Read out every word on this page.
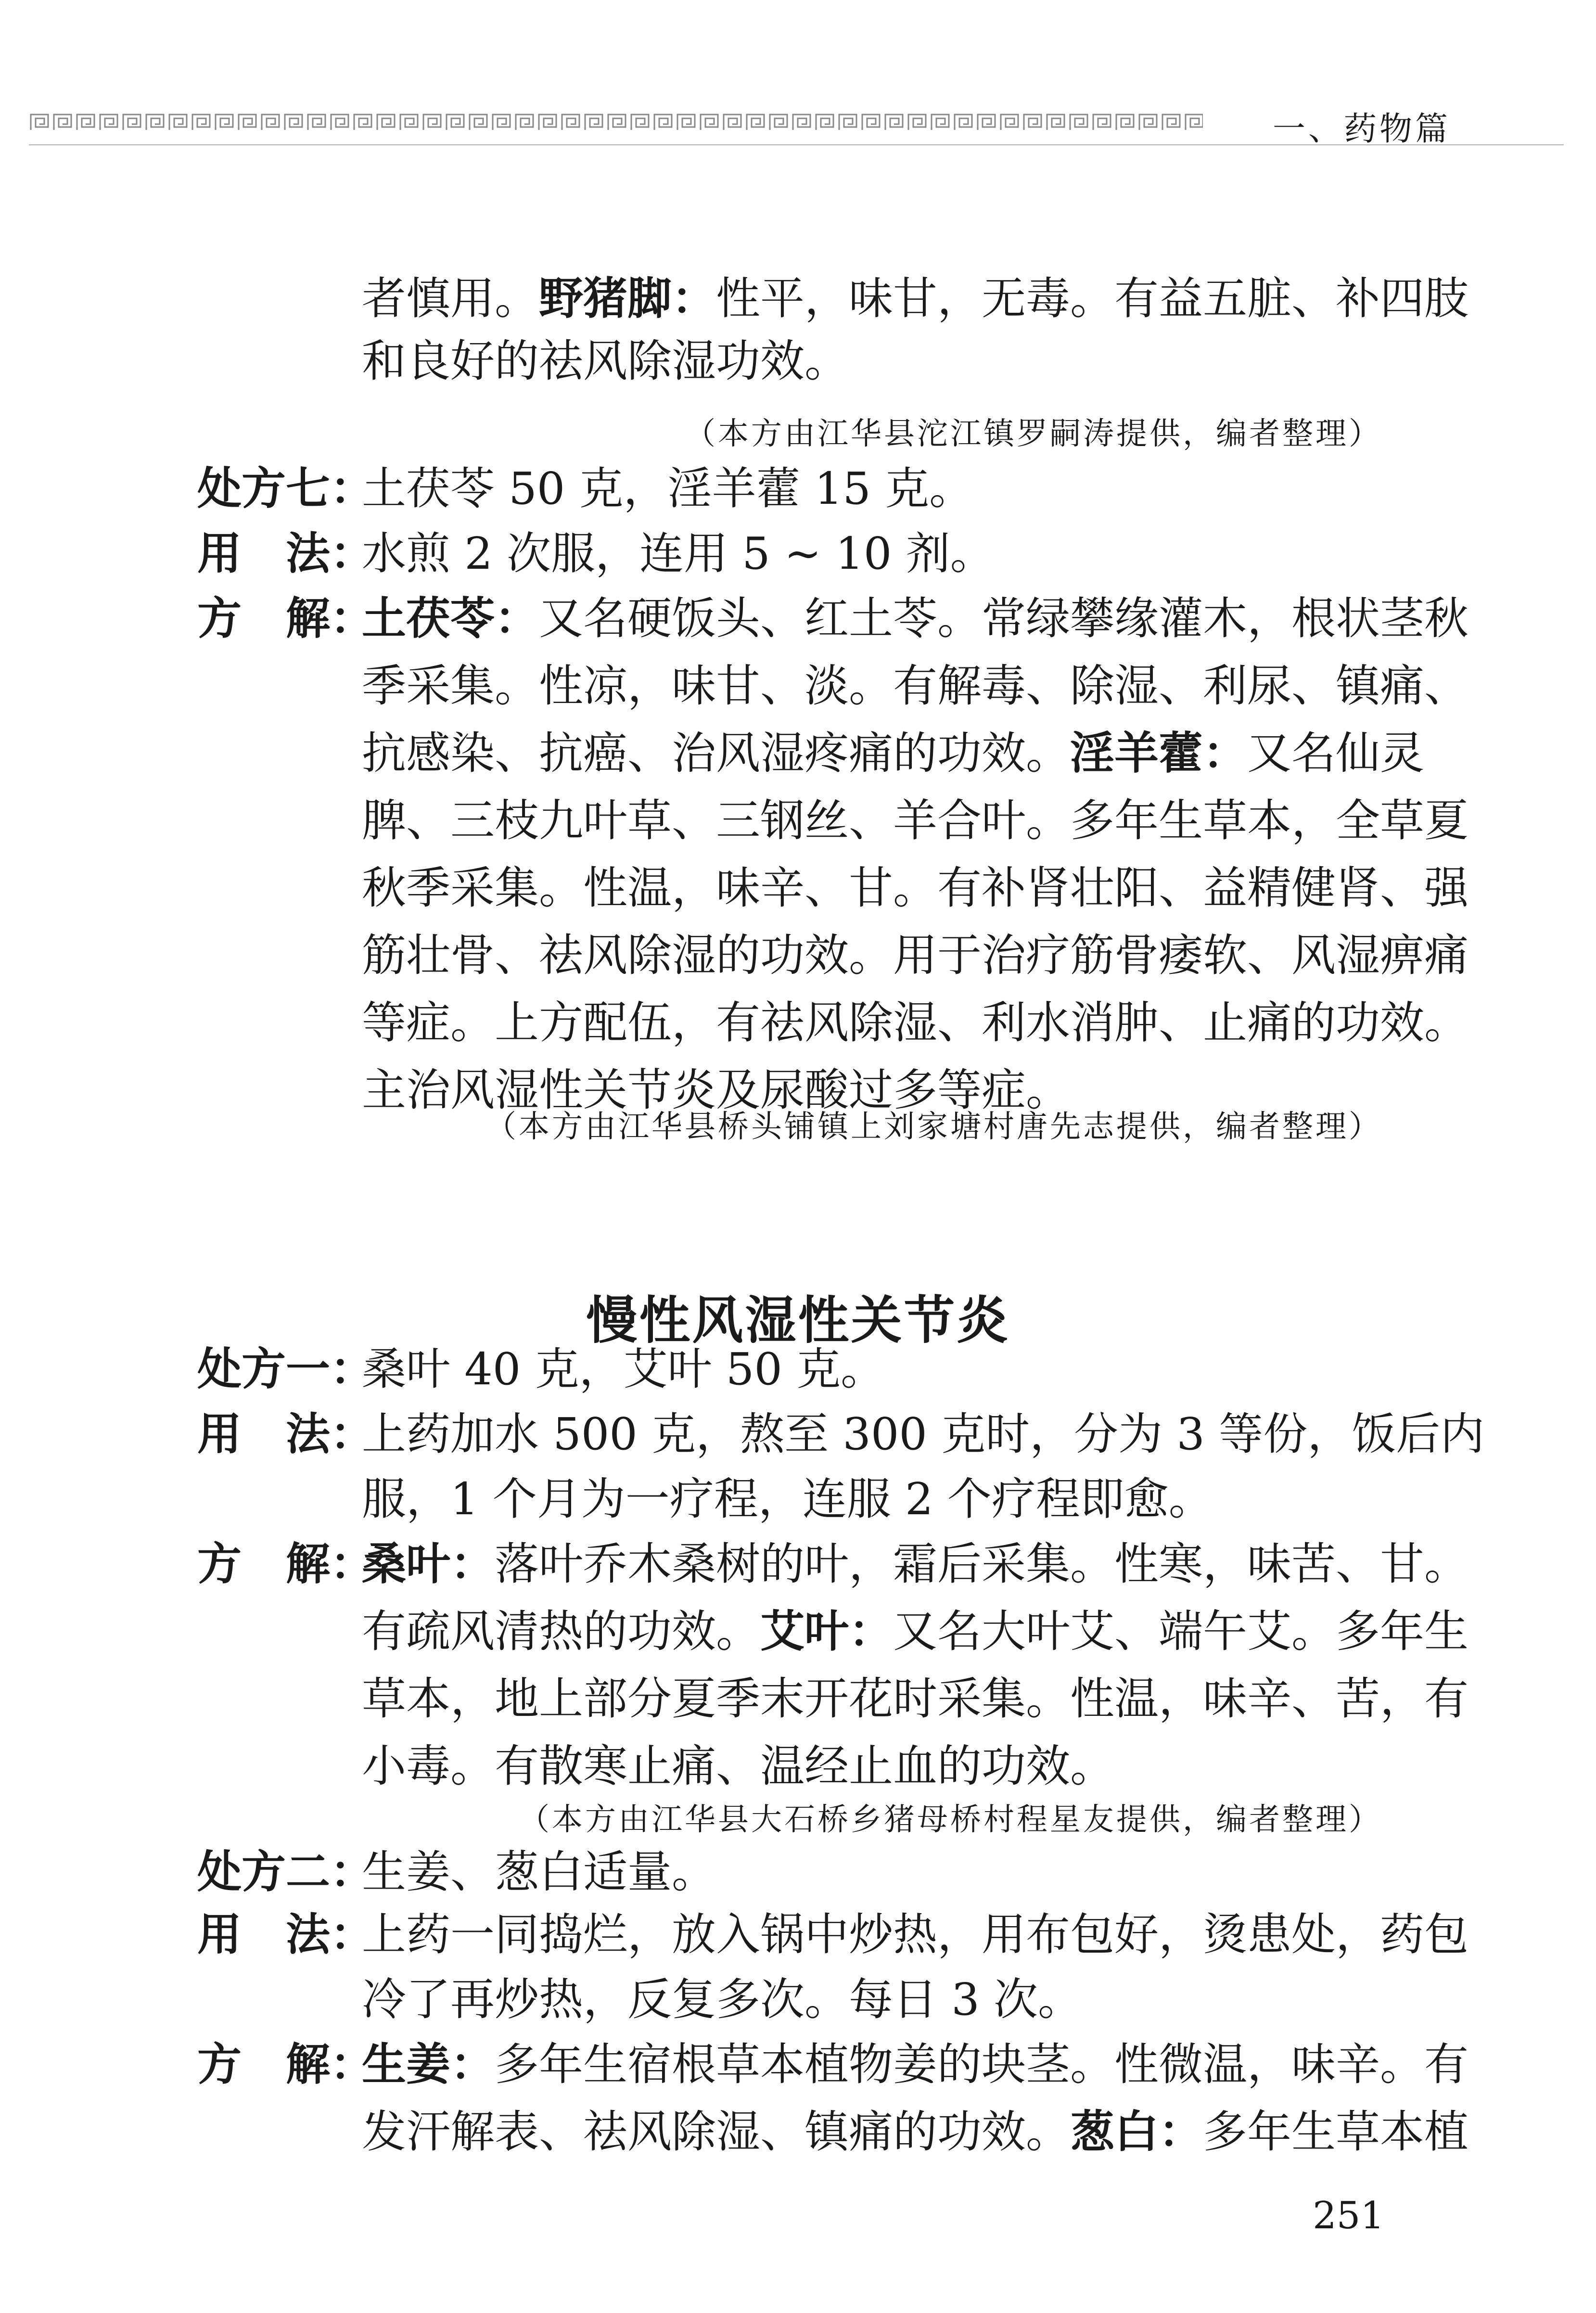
一、药物篇
者慎用。野猪脚：性平，味甘，无毒。有益五脏、补四肢
和良好的祛风除湿功效。
（本方由江华县沱江镇罗嗣涛提供，编者整理）
处方七：
土茯苓 50 克，淫羊藿 15 克。
用　法：
水煎 2 次服，连用 5 ~ 10 剂。
方　解：
土茯苓：又名硬饭头、红土苓。常绿攀缘灌木，根状茎秋
季采集。性凉，味甘、淡。有解毒、除湿、利尿、镇痛、
抗感染、抗癌、治风湿疼痛的功效。淫羊藿：又名仙灵
脾、三枝九叶草、三钢丝、羊合叶。多年生草本，全草夏
秋季采集。性温，味辛、甘。有补肾壮阳、益精健肾、强
筋壮骨、祛风除湿的功效。用于治疗筋骨痿软、风湿痹痛
等症。上方配伍，有祛风除湿、利水消肿、止痛的功效。
主治风湿性关节炎及尿酸过多等症。
（本方由江华县桥头铺镇上刘家塘村唐先志提供，编者整理）
慢性风湿性关节炎
处方一：
桑叶 40 克，艾叶 50 克。
用　法：
上药加水 500 克，熬至 300 克时，分为 3 等份，饭后内
服，1 个月为一疗程，连服 2 个疗程即愈。
方　解：
桑叶：落叶乔木桑树的叶，霜后采集。性寒，味苦、甘。
有疏风清热的功效。艾叶：又名大叶艾、端午艾。多年生
草本，地上部分夏季末开花时采集。性温，味辛、苦，有
小毒。有散寒止痛、温经止血的功效。
（本方由江华县大石桥乡猪母桥村程星友提供，编者整理）
处方二：
生姜、葱白适量。
用　法：
上药一同捣烂，放入锅中炒热，用布包好，烫患处，药包
冷了再炒热，反复多次。每日 3 次。
方　解：
生姜：多年生宿根草本植物姜的块茎。性微温，味辛。有
发汗解表、祛风除湿、镇痛的功效。葱白：多年生草本植
251
